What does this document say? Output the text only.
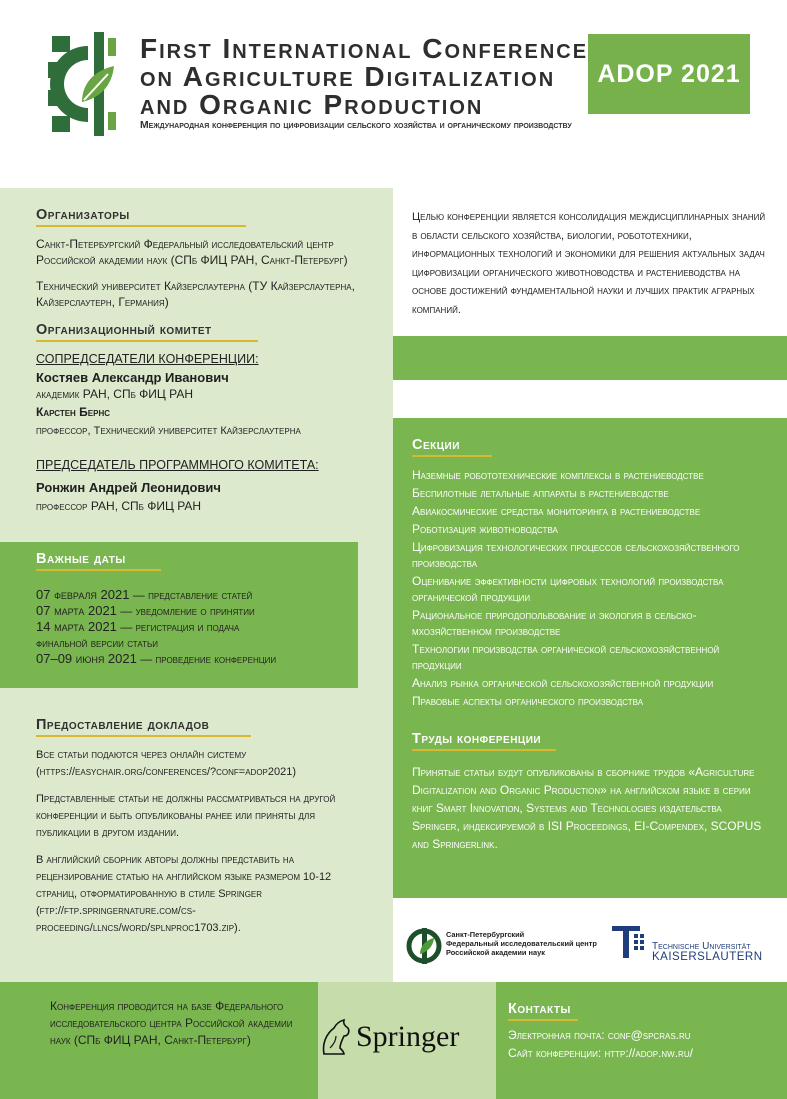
First International Conference
on Agriculture Digitalization
and Organic Production
ADOP 2021
Международная конференция по цифровизации сельского хозяйства и органическому производству
Организаторы
Санкт-Петербургский Федеральный исследовательский центр Российской академии наук (СПб ФИЦ РАН, Санкт-Петербург)
Технический университет Кайзерслаутерна (ТУ Кайзерслаутерна, Кайзерслаутерн, Германия)
Организационный комитет
СОПРЕДСЕДАТЕЛИ КОНФЕРЕНЦИИ:
Костяев Александр Иванович
академик РАН, СПб ФИЦ РАН
Карстен Бернс
профессор, Технический университет Кайзерслаутерна
ПРЕДСЕДАТЕЛЬ ПРОГРАММНОГО КОМИТЕТА:
Ронжин Андрей Леонидович
профессор РАН, СПб ФИЦ РАН
Важные даты
07 февраля 2021 — представление статей
07 марта 2021 — уведомление о принятии
14 марта 2021 — регистрация и подача
финальной версии статьи
07–09 июня 2021 — проведение конференции
Предоставление докладов
Все статьи подаются через онлайн систему (https://easychair.org/conferences/?conf=adop2021)
Представленные статьи не должны рассматриваться на другой конференции и быть опубликованы ранее или приняты для публикации в другом издании.
В английский сборник авторы должны представить на рецензирование статью на английском языке размером 10-12 страниц, отформатированную в стиле Springer (ftp://ftp.springernature.com/cs-proceeding/llncs/word/splnproc1703.zip).
Целью конференции является консолидация междисциплинарных знаний в области сельского хозяйства, биологии, робототехники, информационных технологий и экономики для решения актуальных задач цифровизации органического животноводства и растениеводства на основе достижений фундаментальной науки и лучших практик аграрных компаний.
Секции
Наземные робототехнические комплексы в растениеводстве
Беспилотные летальные аппараты в растениеводстве
Авиакосмические средства мониторинга в растениеводстве
Роботизация животноводства
Цифровизация технологических процессов сельскохозяйственного производства
Оценивание эффективности цифровых технологий производства органической продукции
Рациональное природопольвование и экология в сельско-мхозяйственном производстве
Технологии производства органической сельскохозяйственной продукции
Анализ рынка органической сельскохозяйственной продукции
Правовые аспекты органического производства
Труды конференции
Принятые статьи будут опубликованы в сборнике трудов «Agriculture Digitalization and Organic Production» на английском языке в серии книг Smart Innovation, Systems and Technologies издательства Springer, индексируемой в ISI Proceedings, EI-Compendex, SCOPUS and Springerlink.
Санкт-Петербургский
Федеральный исследовательский центр
Российской академии наук
Technische Universität
KAISERSLAUTERN
Конференция проводится на базе Федерального исследовательского центра Российской академии наук (СПб ФИЦ РАН, Санкт-Петербург)	Springer
Контакты
Электронная почта: conf@spcras.ru
Сайт конференции: http://adop.nw.ru/
